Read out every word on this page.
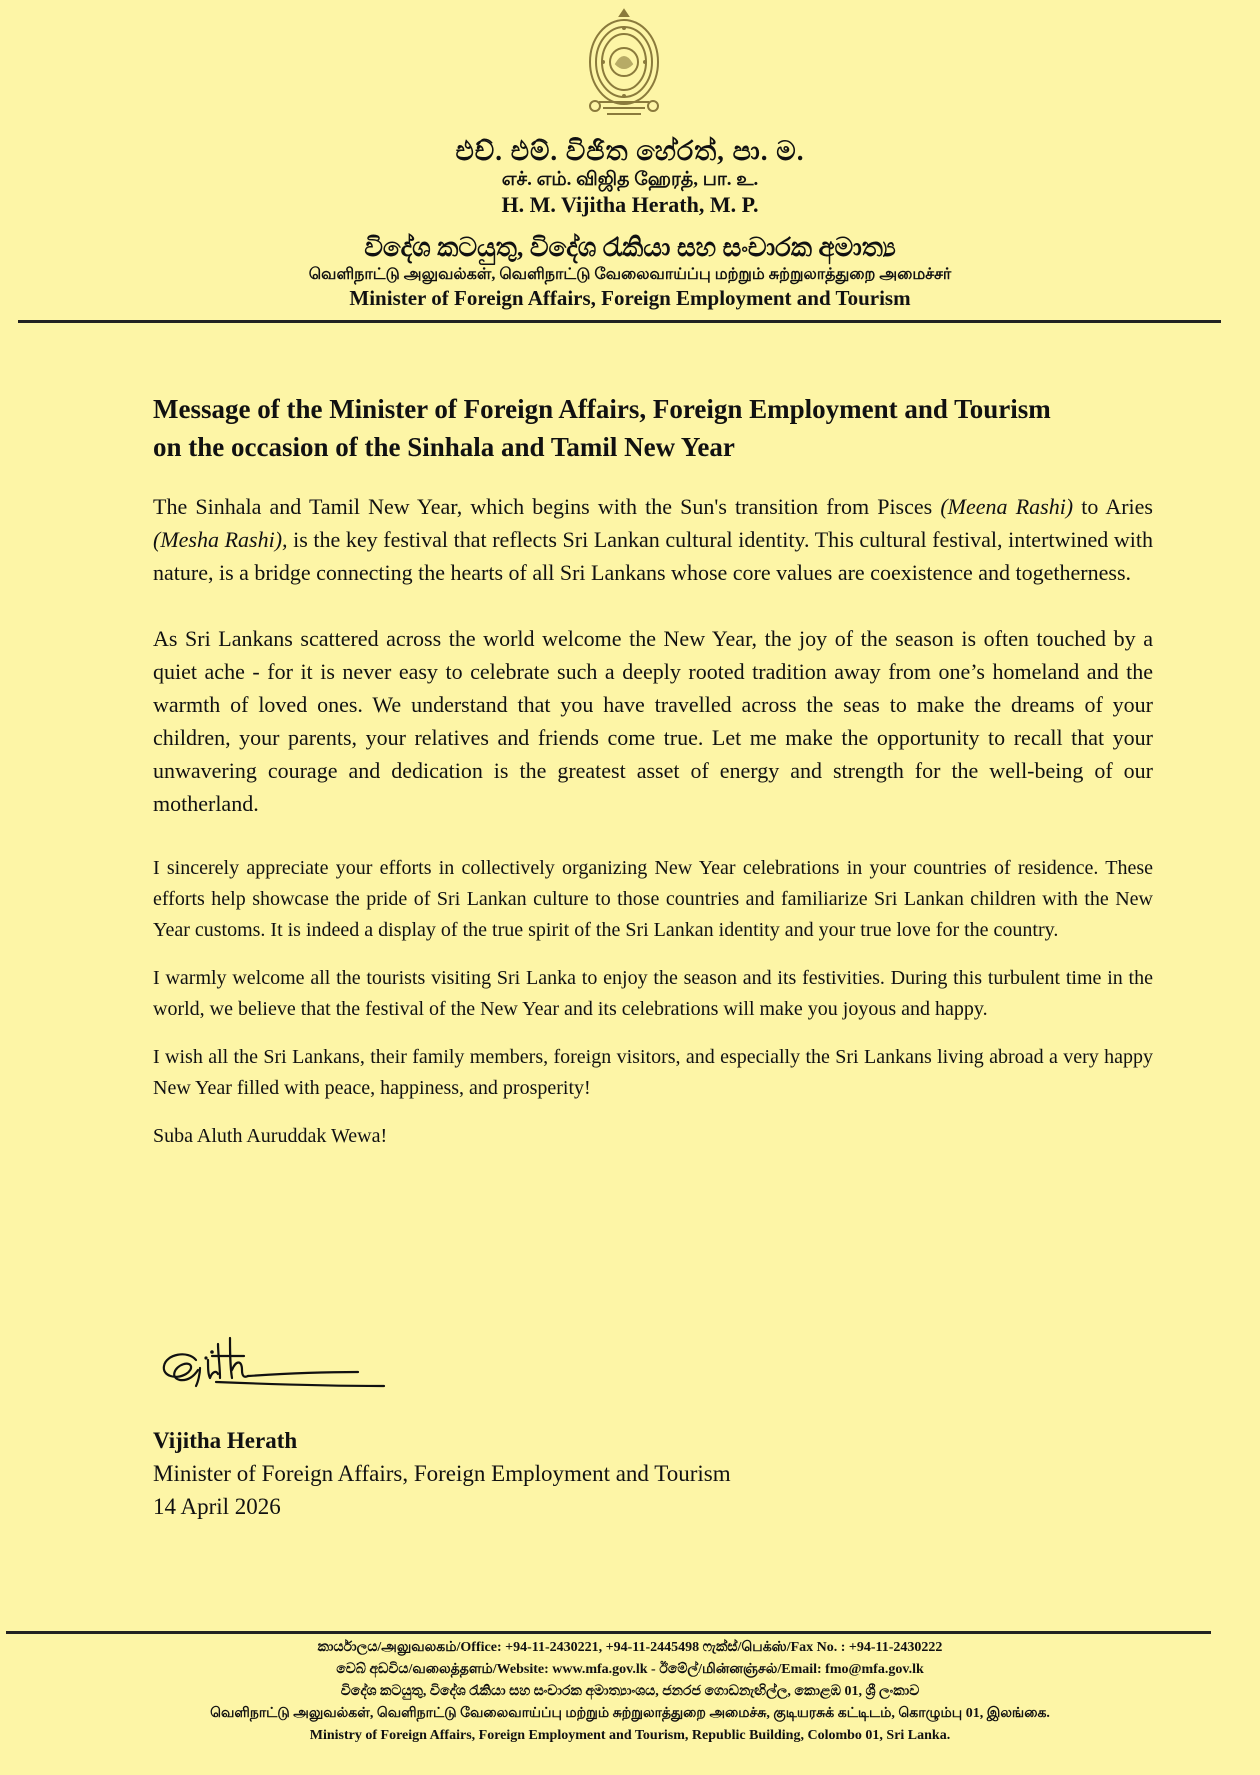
එච්. එම්. විජිත හේරත්, පා. ම.
எச். எம். விஜித ஹேரத், பா. உ.
H. M. Vijitha Herath, M. P.
විදේශ කටයුතු, විදේශ රැකියා සහ සංචාරක අමාත්‍ය
வெளிநாட்டு அலுவல்கள், வெளிநாட்டு வேலைவாய்ப்பு மற்றும் சுற்றுலாத்துறை அமைச்சர்
Minister of Foreign Affairs, Foreign Employment and Tourism
Message of the Minister of Foreign Affairs, Foreign Employment and Tourism
on the occasion of the Sinhala and Tamil New Year

The Sinhala and Tamil New Year, which begins with the Sun's transition from Pisces (Meena Rashi) to Aries (Mesha Rashi), is the key festival that reflects Sri Lankan cultural identity. This cultural festival, intertwined with nature, is a bridge connecting the hearts of all Sri Lankans whose core values are coexistence and togetherness.

As Sri Lankans scattered across the world welcome the New Year, the joy of the season is often touched by a quiet ache - for it is never easy to celebrate such a deeply rooted tradition away from one’s homeland and the warmth of loved ones. We understand that you have travelled across the seas to make the dreams of your children, your parents, your relatives and friends come true. Let me make the opportunity to recall that your unwavering courage and dedication is the greatest asset of energy and strength for the well-being of our motherland.

I sincerely appreciate your efforts in collectively organizing New Year celebrations in your countries of residence. These efforts help showcase the pride of Sri Lankan culture to those countries and familiarize Sri Lankan children with the New Year customs. It is indeed a display of the true spirit of the Sri Lankan identity and your true love for the country.

I warmly welcome all the tourists visiting Sri Lanka to enjoy the season and its festivities. During this turbulent time in the world, we believe that the festival of the New Year and its celebrations will make you joyous and happy.

I wish all the Sri Lankans, their family members, foreign visitors, and especially the Sri Lankans living abroad a very happy New Year filled with peace, happiness, and prosperity!

Suba Aluth Auruddak Wewa!

Vijitha Herath
Minister of Foreign Affairs, Foreign Employment and Tourism
14 April 2026
කාර්යාලය/அலுவலகம்/Office: +94-11-2430221, +94-11-2445498 ෆැක්ස්/பெக்ஸ்/Fax No. : +94-11-2430222
වෙබ් අඩවිය/வலைத்தளம்/Website: www.mfa.gov.lk - ඊමේල්/மின்னஞ்சல்/Email: fmo@mfa.gov.lk
විදේශ කටයුතු, විදේශ රැකියා සහ සංචාරක අමාත්‍යාංශය, ජනරජ ගොඩනැඟිල්ල, කොළඹ 01, ශ්‍රී ලංකාව
வெளிநாட்டு அலுவல்கள், வெளிநாட்டு வேலைவாய்ப்பு மற்றும் சுற்றுலாத்துறை அமைச்சு, குடியரசுக் கட்டிடம், கொழும்பு 01, இலங்கை.
Ministry of Foreign Affairs, Foreign Employment and Tourism, Republic Building, Colombo 01, Sri Lanka.
